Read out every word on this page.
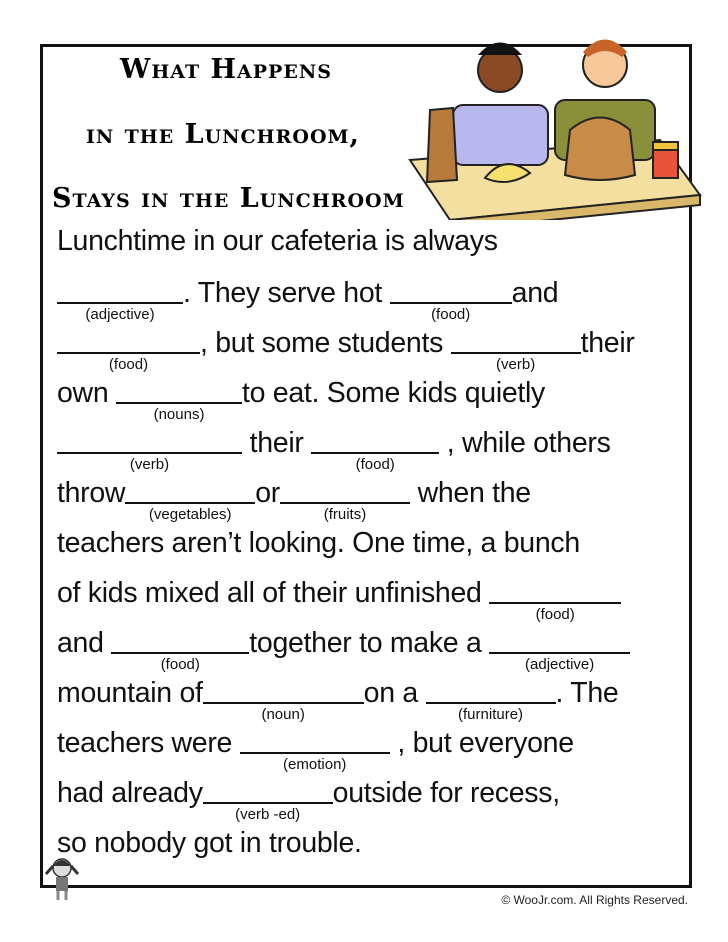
What Happens
in the Lunchroom,
Stays in the Lunchroom
Lunchtime in our cafeteria is always
(adjective)
. They serve hot
(food)
and
(food)
, but some students
(verb)
their
own
(nouns)
to eat. Some kids quietly
(verb)
their
(food)
, while others
throw
(vegetables)
or
(fruits)
when the
teachers aren’t looking. One time, a bunch
of kids mixed all of their unfinished
(food)
and
(food)
together to make a
(adjective)
mountain of
(noun)
on a
(furniture)
. The
teachers were
(emotion)
, but everyone
had already
(verb -ed)
outside for recess,
so nobody got in trouble.
© WooJr.com. All Rights Reserved.
